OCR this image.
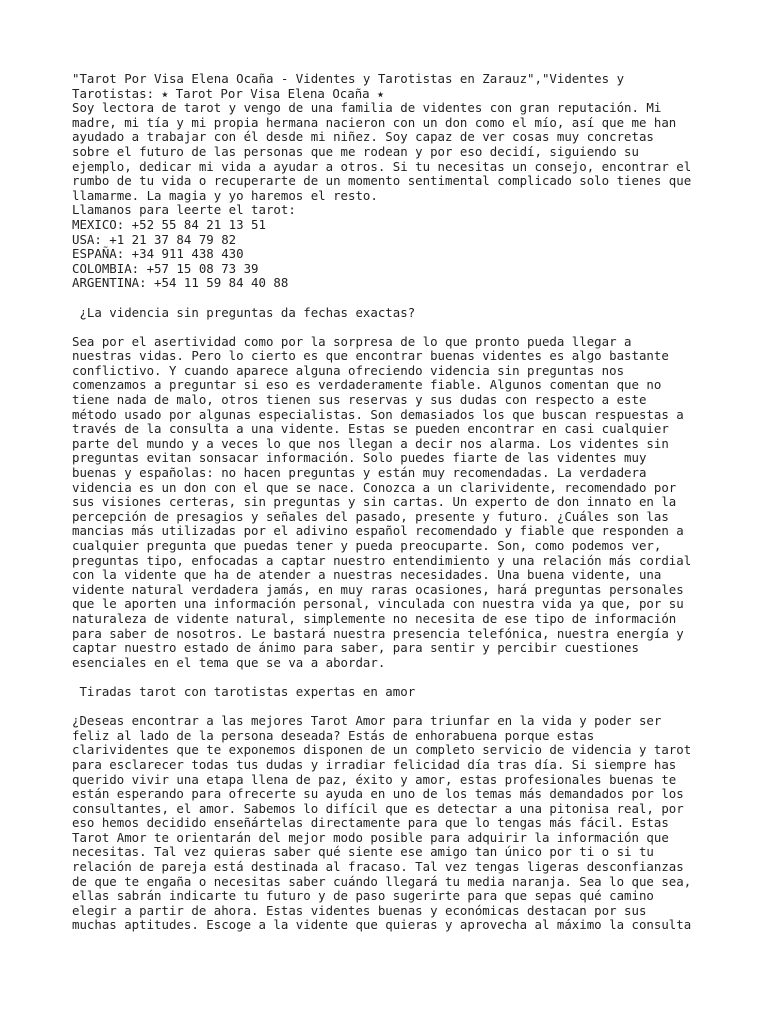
"Tarot Por Visa Elena Ocaña - Videntes y Tarotistas en Zarauz","Videntes y
Tarotistas: ⭑ Tarot Por Visa Elena Ocaña ⭑
Soy lectora de tarot y vengo de una familia de videntes con gran reputación. Mi
madre, mi tía y mi propia hermana nacieron con un don como el mío, así que me han
ayudado a trabajar con él desde mi niñez. Soy capaz de ver cosas muy concretas
sobre el futuro de las personas que me rodean y por eso decidí, siguiendo su
ejemplo, dedicar mi vida a ayudar a otros. Si tu necesitas un consejo, encontrar el
rumbo de tu vida o recuperarte de un momento sentimental complicado solo tienes que
llamarme. La magia y yo haremos el resto.
Llamanos para leerte el tarot:
MEXICO: +52 55 84 21 13 51
USA: +1 21 37 84 79 82
ESPAÑA: +34 911 438 430
COLOMBIA: +57 15 08 73 39
ARGENTINA: +54 11 59 84 40 88
¿La videncia sin preguntas da fechas exactas?
Sea por el asertividad como por la sorpresa de lo que pronto pueda llegar a
nuestras vidas. Pero lo cierto es que encontrar buenas videntes es algo bastante
conflictivo. Y cuando aparece alguna ofreciendo videncia sin preguntas nos
comenzamos a preguntar si eso es verdaderamente fiable. Algunos comentan que no
tiene nada de malo, otros tienen sus reservas y sus dudas con respecto a este
método usado por algunas especialistas. Son demasiados los que buscan respuestas a
través de la consulta a una vidente. Estas se pueden encontrar en casi cualquier
parte del mundo y a veces lo que nos llegan a decir nos alarma. Los videntes sin
preguntas evitan sonsacar información. Solo puedes fiarte de las videntes muy
buenas y españolas: no hacen preguntas y están muy recomendadas. La verdadera
videncia es un don con el que se nace. Conozca a un clarividente, recomendado por
sus visiones certeras, sin preguntas y sin cartas. Un experto de don innato en la
percepción de presagios y señales del pasado, presente y futuro. ¿Cuáles son las
mancias más utilizadas por el adivino español recomendado y fiable que responden a
cualquier pregunta que puedas tener y pueda preocuparte. Son, como podemos ver,
preguntas tipo, enfocadas a captar nuestro entendimiento y una relación más cordial
con la vidente que ha de atender a nuestras necesidades. Una buena vidente, una
vidente natural verdadera jamás, en muy raras ocasiones, hará preguntas personales
que le aporten una información personal, vinculada con nuestra vida ya que, por su
naturaleza de vidente natural, simplemente no necesita de ese tipo de información
para saber de nosotros. Le bastará nuestra presencia telefónica, nuestra energía y
captar nuestro estado de ánimo para saber, para sentir y percibir cuestiones
esenciales en el tema que se va a abordar.
Tiradas tarot con tarotistas expertas en amor
¿Deseas encontrar a las mejores Tarot Amor para triunfar en la vida y poder ser
feliz al lado de la persona deseada? Estás de enhorabuena porque estas
clarividentes que te exponemos disponen de un completo servicio de videncia y tarot
para esclarecer todas tus dudas y irradiar felicidad día tras día. Si siempre has
querido vivir una etapa llena de paz, éxito y amor, estas profesionales buenas te
están esperando para ofrecerte su ayuda en uno de los temas más demandados por los
consultantes, el amor. Sabemos lo difícil que es detectar a una pitonisa real, por
eso hemos decidido enseñártelas directamente para que lo tengas más fácil. Estas
Tarot Amor te orientarán del mejor modo posible para adquirir la información que
necesitas. Tal vez quieras saber qué siente ese amigo tan único por ti o si tu
relación de pareja está destinada al fracaso. Tal vez tengas ligeras desconfianzas
de que te engaña o necesitas saber cuándo llegará tu media naranja. Sea lo que sea,
ellas sabrán indicarte tu futuro y de paso sugerirte para que sepas qué camino
elegir a partir de ahora. Estas videntes buenas y económicas destacan por sus
muchas aptitudes. Escoge a la vidente que quieras y aprovecha al máximo la consulta
